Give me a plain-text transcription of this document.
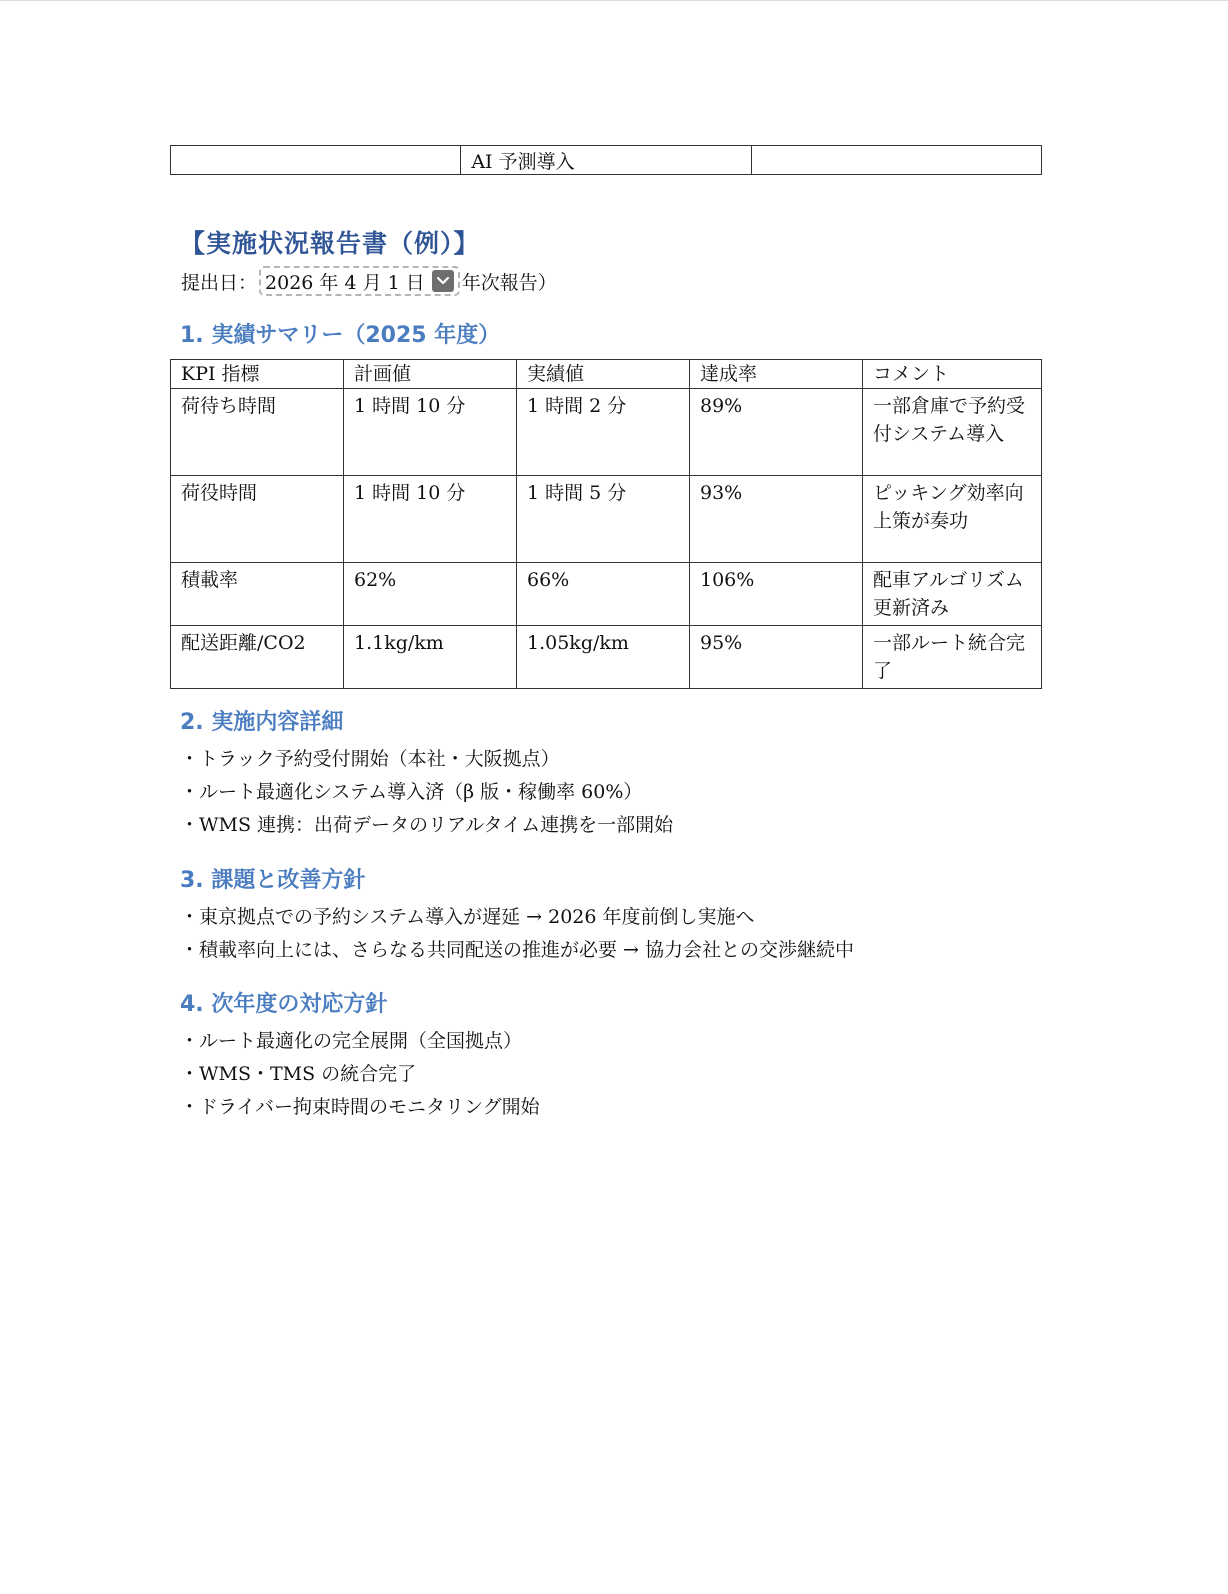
	AI 予測導入	
【実施状況報告書（例）】
提出日： 2026 年 4 月 1 日 年次報告）
1. 実績サマリー（2025 年度）
KPI 指標	計画値	実績値	達成率	コメント
荷待ち時間	1 時間 10 分	1 時間 2 分	89%	一部倉庫で予約受付システム導入
荷役時間	1 時間 10 分	1 時間 5 分	93%	ピッキング効率向上策が奏功
積載率	62%	66%	106%	配車アルゴリズム更新済み
配送距離/CO2	1.1kg/km	1.05kg/km	95%	一部ルート統合完了
2. 実施内容詳細
・トラック予約受付開始（本社・大阪拠点）
・ルート最適化システム導入済（β 版・稼働率 60%）
・WMS 連携：出荷データのリアルタイム連携を一部開始
3. 課題と改善方針
・東京拠点での予約システム導入が遅延 → 2026 年度前倒し実施へ
・積載率向上には、さらなる共同配送の推進が必要 → 協力会社との交渉継続中
4. 次年度の対応方針
・ルート最適化の完全展開（全国拠点）
・WMS・TMS の統合完了
・ドライバー拘束時間のモニタリング開始
